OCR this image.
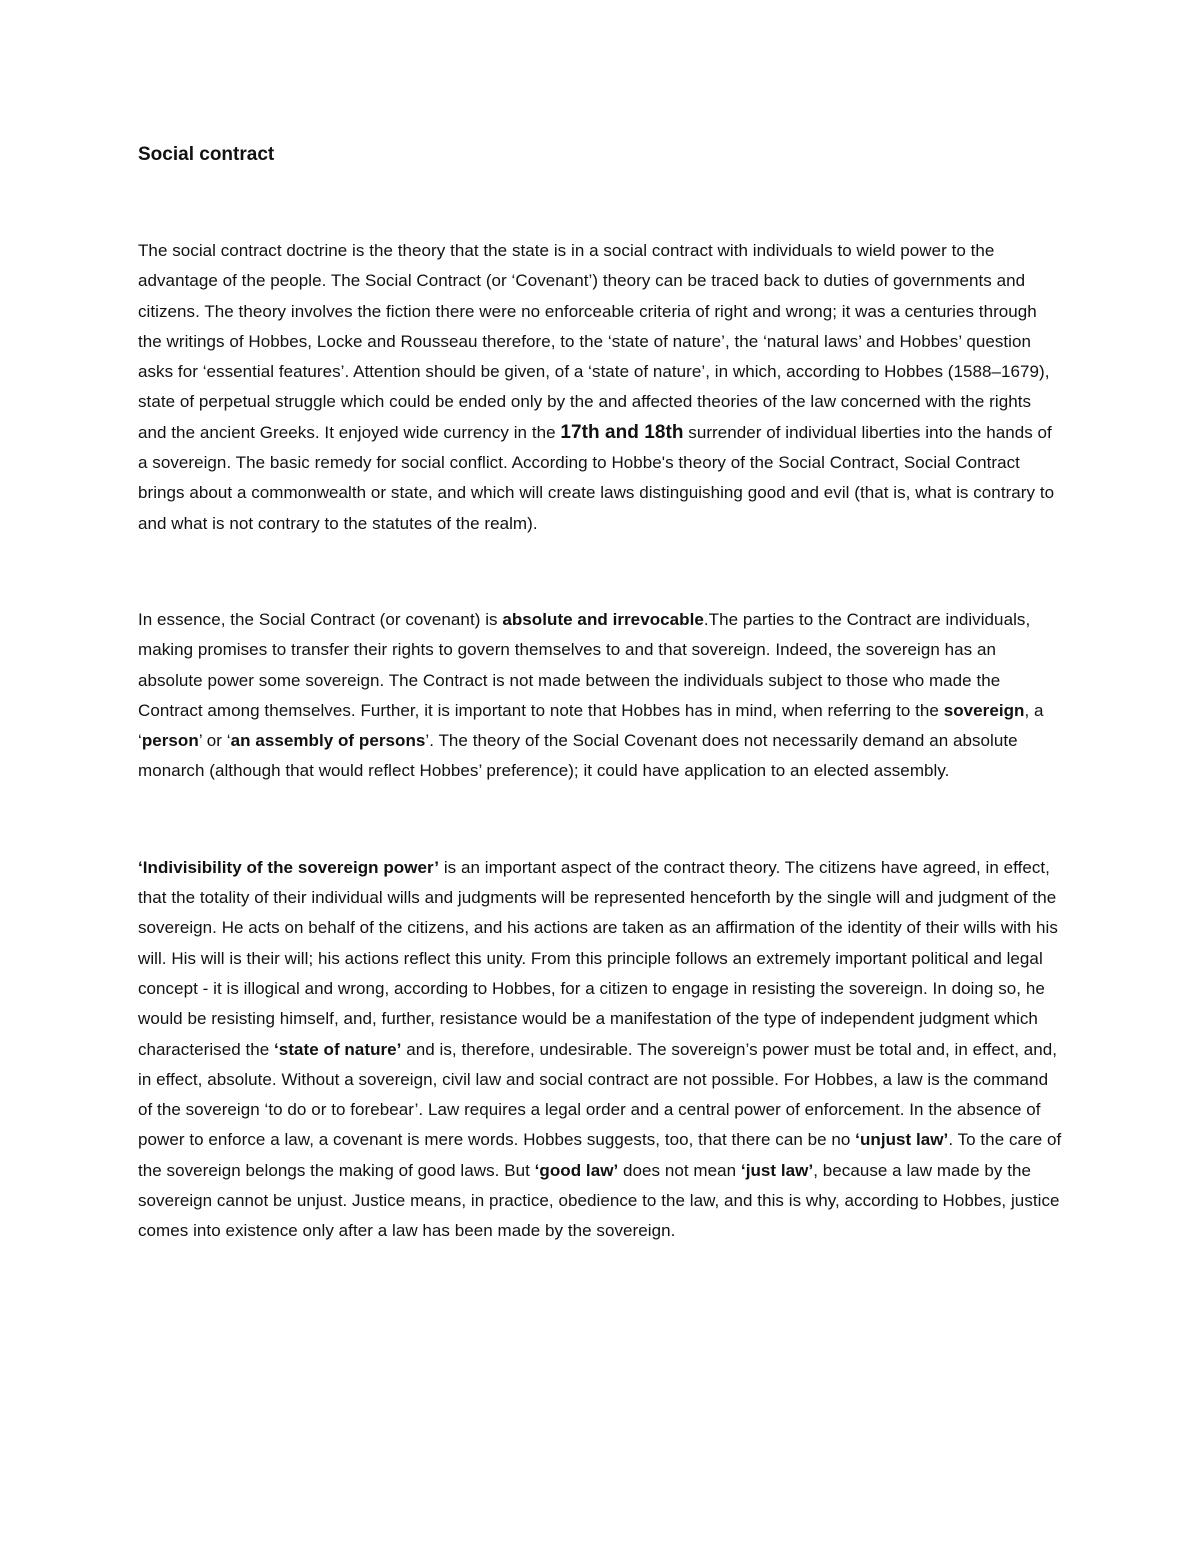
Social contract

The social contract doctrine is the theory that the state is in a social contract with individuals to wield power to the advantage of the people. The Social Contract (or ‘Covenant’) theory can be traced back to duties of governments and citizens. The theory involves the fiction there were no enforceable criteria of right and wrong; it was a centuries through the writings of Hobbes, Locke and Rousseau therefore, to the ‘state of nature’, the ‘natural laws’ and Hobbes’ question asks for ‘essential features’. Attention should be given, of a ‘state of nature’, in which, according to Hobbes (1588–1679), state of perpetual struggle which could be ended only by the and affected theories of the law concerned with the rights and the ancient Greeks. It enjoyed wide currency in the 17th and 18th surrender of individual liberties into the hands of a sovereign. The basic remedy for social conflict. According to Hobbe's theory of the Social Contract, Social Contract brings about a commonwealth or state, and which will create laws distinguishing good and evil (that is, what is contrary to and what is not contrary to the statutes of the realm).

In essence, the Social Contract (or covenant) is absolute and irrevocable.The parties to the Contract are individuals, making promises to transfer their rights to govern themselves to and that sovereign. Indeed, the sovereign has an absolute power some sovereign. The Contract is not made between the individuals subject to those who made the Contract among themselves. Further, it is important to note that Hobbes has in mind, when referring to the sovereign, a ‘person’ or ‘an assembly of persons’. The theory of the Social Covenant does not necessarily demand an absolute monarch (although that would reflect Hobbes’ preference); it could have application to an elected assembly.

‘Indivisibility of the sovereign power’ is an important aspect of the contract theory. The citizens have agreed, in effect, that the totality of their individual wills and judgments will be represented henceforth by the single will and judgment of the sovereign. He acts on behalf of the citizens, and his actions are taken as an affirmation of the identity of their wills with his will. His will is their will; his actions reflect this unity. From this principle follows an extremely important political and legal concept - it is illogical and wrong, according to Hobbes, for a citizen to engage in resisting the sovereign. In doing so, he would be resisting himself, and, further, resistance would be a manifestation of the type of independent judgment which characterised the ‘state of nature’ and is, therefore, undesirable. The sovereign’s power must be total and, in effect, and, in effect, absolute. Without a sovereign, civil law and social contract are not possible. For Hobbes, a law is the command of the sovereign ‘to do or to forebear’. Law requires a legal order and a central power of enforcement. In the absence of power to enforce a law, a covenant is mere words. Hobbes suggests, too, that there can be no ‘unjust law’. To the care of the sovereign belongs the making of good laws. But ‘good law’ does not mean ‘just law’, because a law made by the sovereign cannot be unjust. Justice means, in practice, obedience to the law, and this is why, according to Hobbes, justice comes into existence only after a law has been made by the sovereign.
